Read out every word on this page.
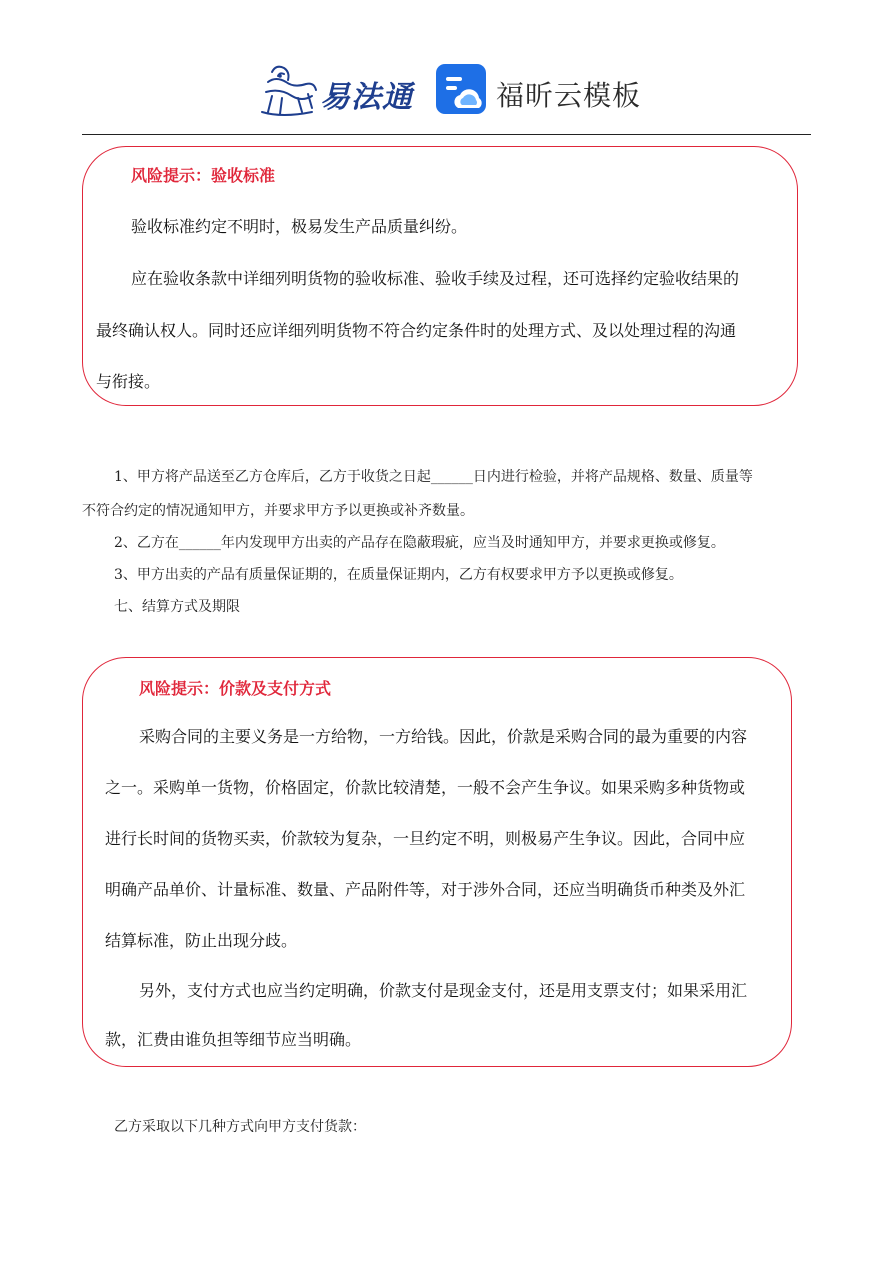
易法通	福昕云模板
风险提示：验收标准
验收标准约定不明时，极易发生产品质量纠纷。
应在验收条款中详细列明货物的验收标准、验收手续及过程，还可选择约定验收结果的
最终确认权人。同时还应详细列明货物不符合约定条件时的处理方式、及以处理过程的沟通
与衔接。
1、甲方将产品送至乙方仓库后，乙方于收货之日起______日内进行检验，并将产品规格、数量、质量等
不符合约定的情况通知甲方，并要求甲方予以更换或补齐数量。
2、乙方在______年内发现甲方出卖的产品存在隐蔽瑕疵，应当及时通知甲方，并要求更换或修复。
3、甲方出卖的产品有质量保证期的，在质量保证期内，乙方有权要求甲方予以更换或修复。
七、结算方式及期限
风险提示：价款及支付方式
采购合同的主要义务是一方给物，一方给钱。因此，价款是采购合同的最为重要的内容
之一。采购单一货物，价格固定，价款比较清楚，一般不会产生争议。如果采购多种货物或
进行长时间的货物买卖，价款较为复杂，一旦约定不明，则极易产生争议。因此，合同中应
明确产品单价、计量标准、数量、产品附件等，对于涉外合同，还应当明确货币种类及外汇
结算标准，防止出现分歧。
另外，支付方式也应当约定明确，价款支付是现金支付，还是用支票支付；如果采用汇
款，汇费由谁负担等细节应当明确。
乙方采取以下几种方式向甲方支付货款：
